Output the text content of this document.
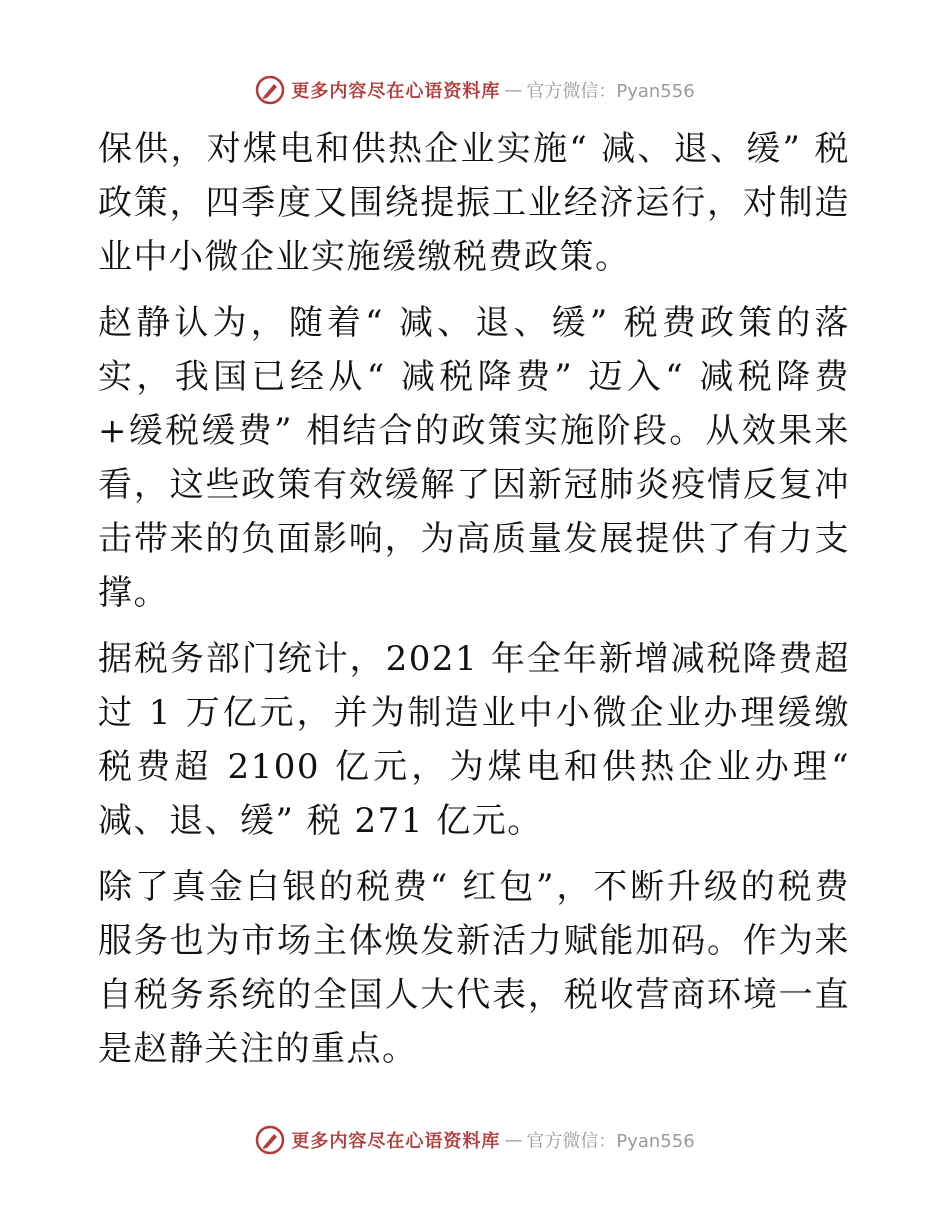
更多内容尽在心语资料库 — 官方微信：Pyan556

保供，对煤电和供热企业实施“ 减、退、缓” 税政策，四季度又围绕提振工业经济运行，对制造业中小微企业实施缓缴税费政策。

赵静认为，随着“ 减、退、缓” 税费政策的落实，我国已经从“ 减税降费” 迈入“ 减税降费+缓税缓费” 相结合的政策实施阶段。从效果来看，这些政策有效缓解了因新冠肺炎疫情反复冲击带来的负面影响，为高质量发展提供了有力支撑。

据税务部门统计，2021 年全年新增减税降费超过 1 万亿元，并为制造业中小微企业办理缓缴税费超 2100 亿元，为煤电和供热企业办理“ 减、退、缓” 税 271 亿元。

除了真金白银的税费“ 红包”，不断升级的税费服务也为市场主体焕发新活力赋能加码。作为来自税务系统的全国人大代表，税收营商环境一直是赵静关注的重点。

更多内容尽在心语资料库 — 官方微信：Pyan556
